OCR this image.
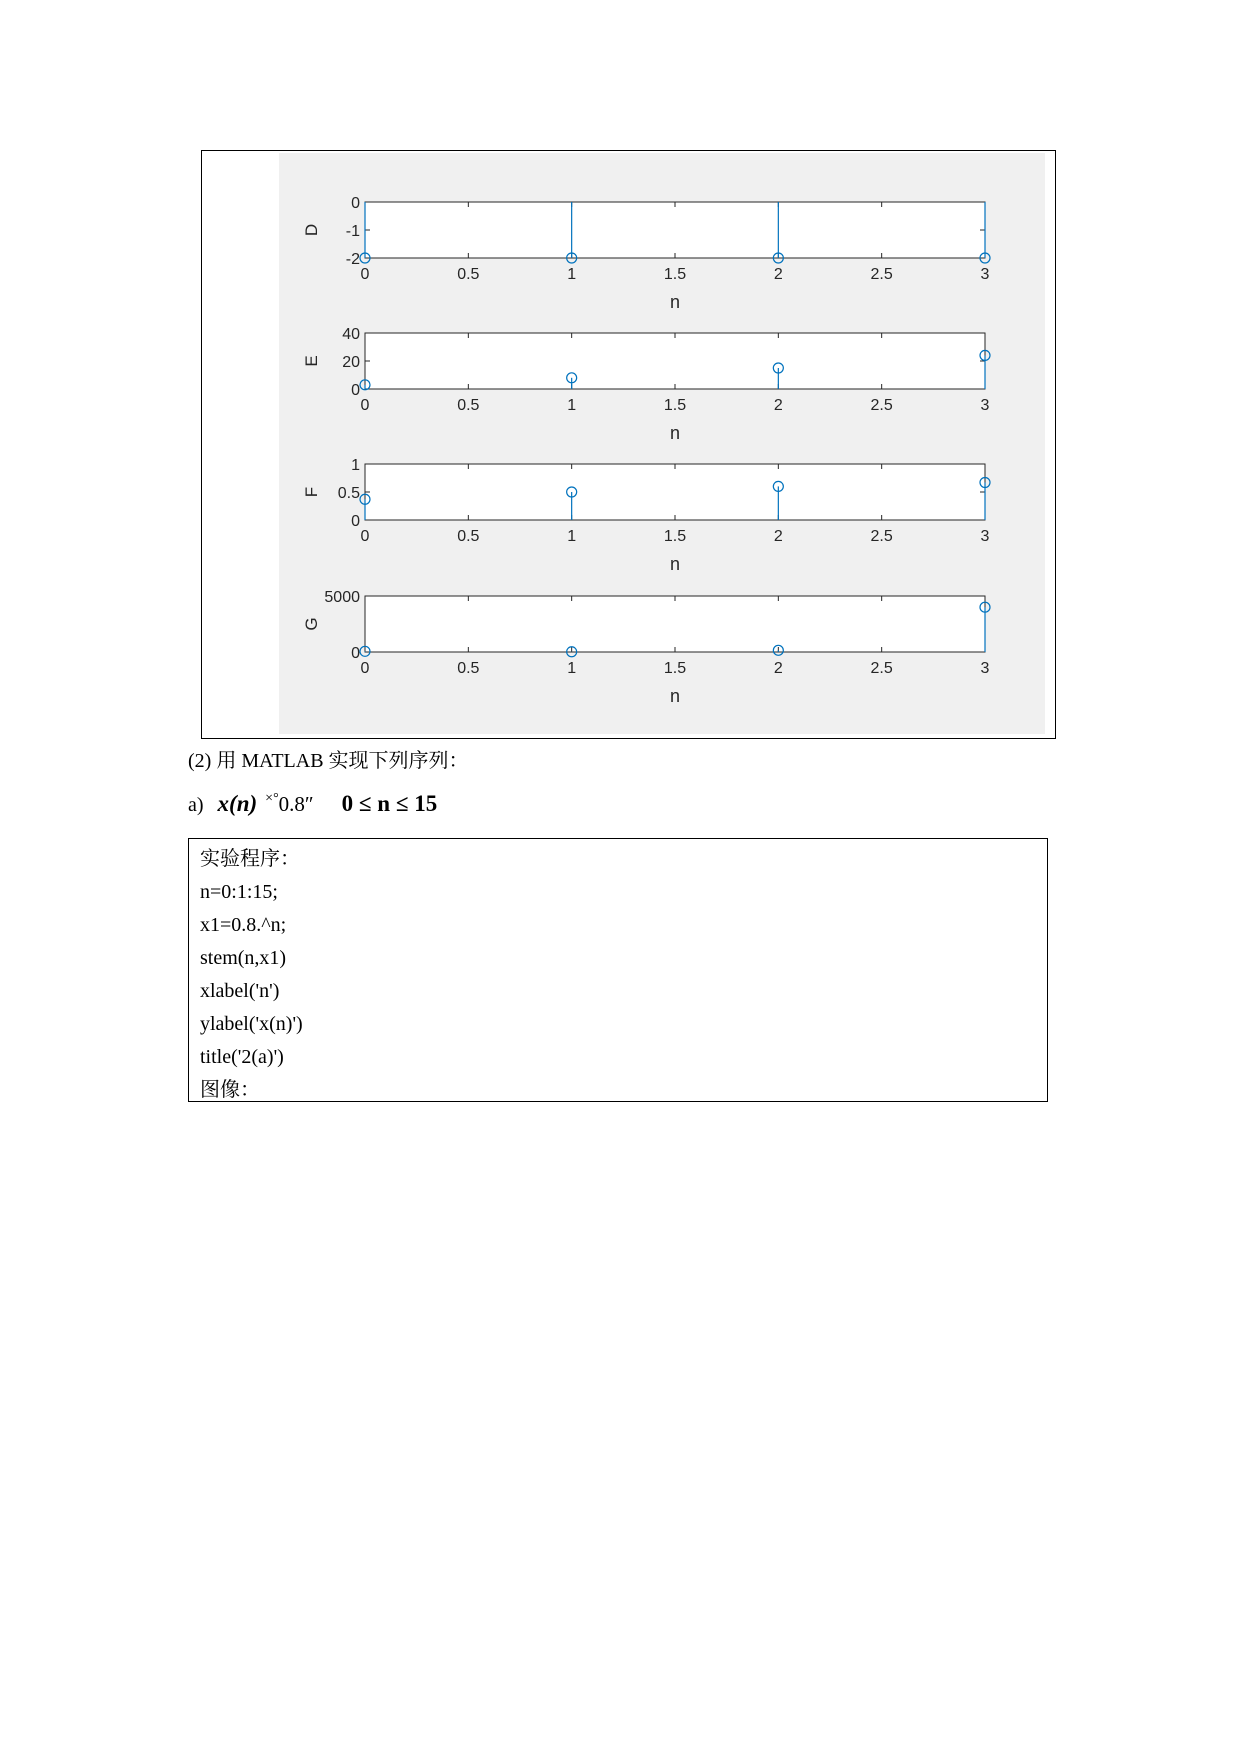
0	0.5	1	1.5	2	2.5	3
0
-1
-2
D
n
0	0.5	1	1.5	2	2.5	3
40
20
0
E
n
0	0.5	1	1.5	2	2.5	3
1
0.5
0
F
n
0	0.5	1	1.5	2	2.5	3
5000
0
G
n
(2) 用 MATLAB 实现下列序列：
a) x(n) ×°0.8″ 0 ≤ n ≤ 15
实验程序：
n=0:1:15;
x1=0.8.^n;
stem(n,x1)
xlabel('n')
ylabel('x(n)')
title('2(a)')
图像：
